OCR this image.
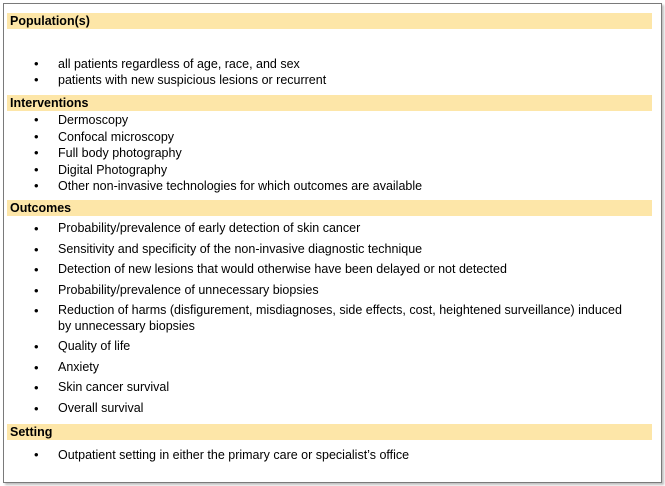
Population(s)
• all patients regardless of age, race, and sex
• patients with new suspicious lesions or recurrent
Interventions
• Dermoscopy
• Confocal microscopy
• Full body photography
• Digital Photography
• Other non-invasive technologies for which outcomes are available
Outcomes
• Probability/prevalence of early detection of skin cancer
• Sensitivity and specificity of the non-invasive diagnostic technique
• Detection of new lesions that would otherwise have been delayed or not detected
• Probability/prevalence of unnecessary biopsies
• Reduction of harms (disfigurement, misdiagnoses, side effects, cost, heightened surveillance) induced by unnecessary biopsies
• Quality of life
• Anxiety
• Skin cancer survival
• Overall survival
Setting
• Outpatient setting in either the primary care or specialist’s office
